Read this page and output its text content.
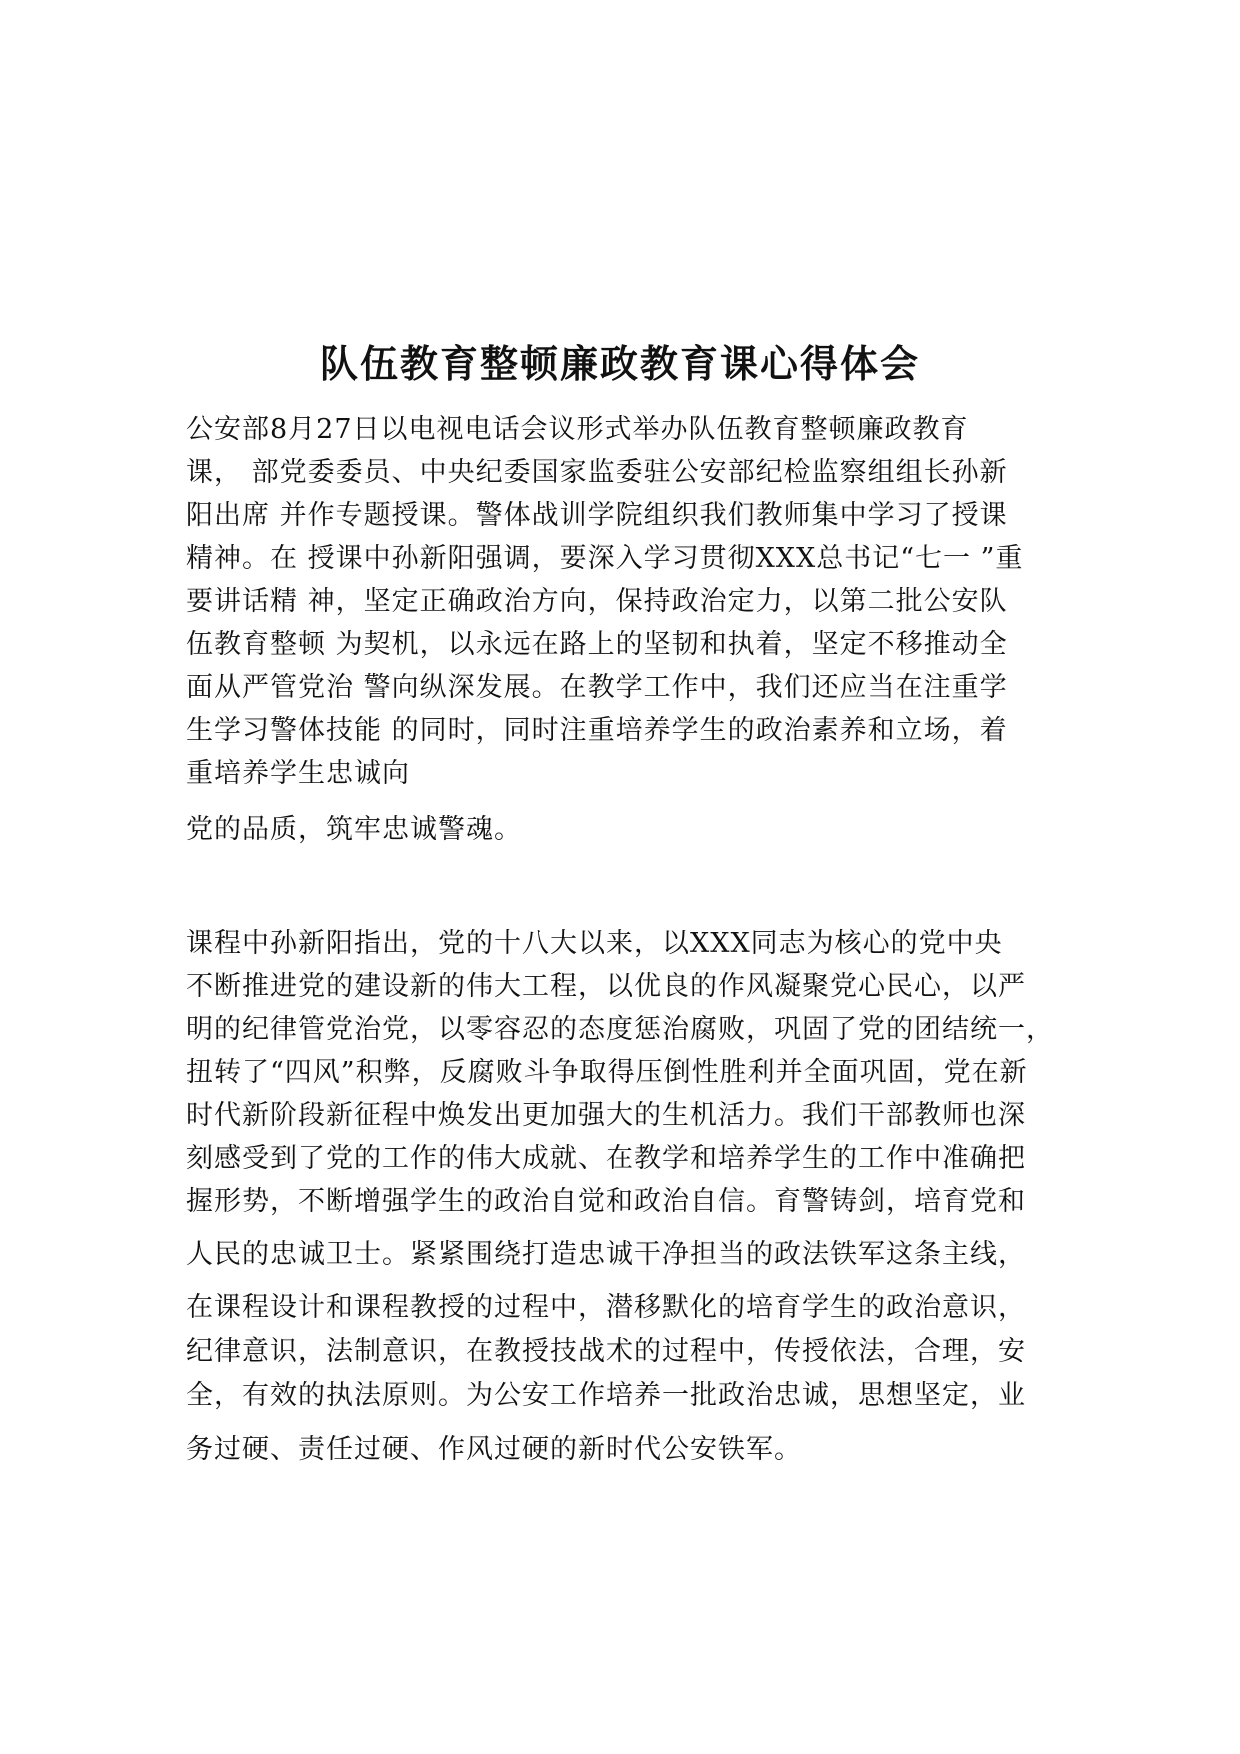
队伍教育整顿廉政教育课心得体会
公安部8月27日以电视电话会议形式举办队伍教育整顿廉政教育
课， 部党委委员、中央纪委国家监委驻公安部纪检监察组组长孙新
阳出席 并作专题授课。警体战训学院组织我们教师集中学习了授课
精神。在 授课中孙新阳强调，要深入学习贯彻XXX总书记“七一 ”重
要讲话精 神，坚定正确政治方向，保持政治定力，以第二批公安队
伍教育整顿 为契机，以永远在路上的坚韧和执着，坚定不移推动全
面从严管党治 警向纵深发展。在教学工作中，我们还应当在注重学
生学习警体技能 的同时，同时注重培养学生的政治素养和立场，着
重培养学生忠诚向
党的品质，筑牢忠诚警魂。
课程中孙新阳指出，党的十八大以来，以XXX同志为核心的党中央
不断推进党的建设新的伟大工程，以优良的作风凝聚党心民心，以严
明的纪律管党治党，以零容忍的态度惩治腐败，巩固了党的团结统一，
扭转了“四风”积弊，反腐败斗争取得压倒性胜利并全面巩固，党在新
时代新阶段新征程中焕发出更加强大的生机活力。我们干部教师也深
刻感受到了党的工作的伟大成就、在教学和培养学生的工作中准确把
握形势，不断增强学生的政治自觉和政治自信。育警铸剑，培育党和
人民的忠诚卫士。紧紧围绕打造忠诚干净担当的政法铁军这条主线，
在课程设计和课程教授的过程中，潜移默化的培育学生的政治意识，
纪律意识，法制意识，在教授技战术的过程中，传授依法，合理，安
全，有效的执法原则。为公安工作培养一批政治忠诚，思想坚定，业
务过硬、责任过硬、作风过硬的新时代公安铁军。
